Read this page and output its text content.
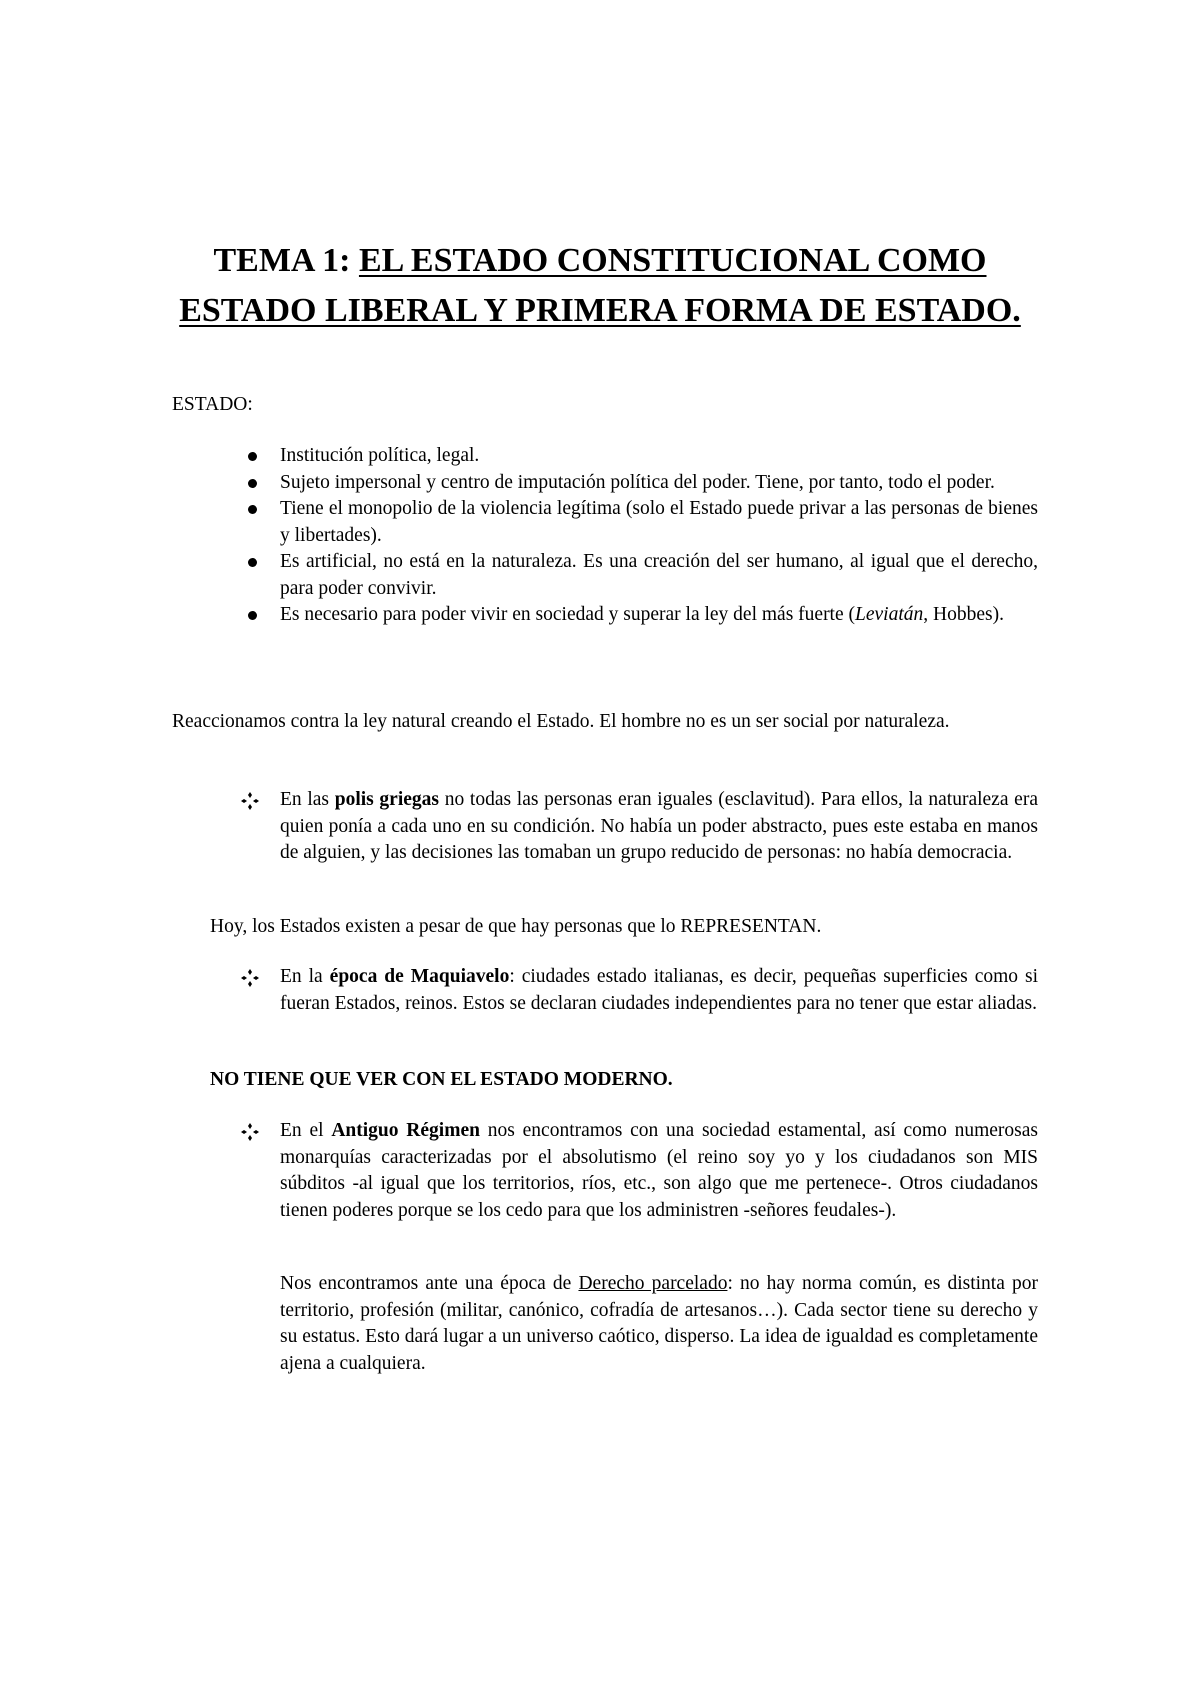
TEMA 1: EL ESTADO CONSTITUCIONAL COMO
ESTADO LIBERAL Y PRIMERA FORMA DE ESTADO.
ESTADO:
Institución política, legal.
Sujeto impersonal y centro de imputación política del poder. Tiene, por tanto, todo el poder.
Tiene el monopolio de la violencia legítima (solo el Estado puede privar a las personas de bienes y libertades).
Es artificial, no está en la naturaleza. Es una creación del ser humano, al igual que el derecho, para poder convivir.
Es necesario para poder vivir en sociedad y superar la ley del más fuerte (Leviatán, Hobbes).
Reaccionamos contra la ley natural creando el Estado. El hombre no es un ser social por naturaleza.
En las polis griegas no todas las personas eran iguales (esclavitud). Para ellos, la naturaleza era quien ponía a cada uno en su condición. No había un poder abstracto, pues este estaba en manos de alguien, y las decisiones las tomaban un grupo reducido de personas: no había democracia.
Hoy, los Estados existen a pesar de que hay personas que lo REPRESENTAN.
En la época de Maquiavelo: ciudades estado italianas, es decir, pequeñas superficies como si fueran Estados, reinos. Estos se declaran ciudades independientes para no tener que estar aliadas.
NO TIENE QUE VER CON EL ESTADO MODERNO.
En el Antiguo Régimen nos encontramos con una sociedad estamental, así como numerosas monarquías caracterizadas por el absolutismo (el reino soy yo y los ciudadanos son MIS súbditos -al igual que los territorios, ríos, etc., son algo que me pertenece-. Otros ciudadanos tienen poderes porque se los cedo para que los administren -señores feudales-).
Nos encontramos ante una época de Derecho parcelado: no hay norma común, es distinta por territorio, profesión (militar, canónico, cofradía de artesanos…). Cada sector tiene su derecho y su estatus. Esto dará lugar a un universo caótico, disperso. La idea de igualdad es completamente ajena a cualquiera.
